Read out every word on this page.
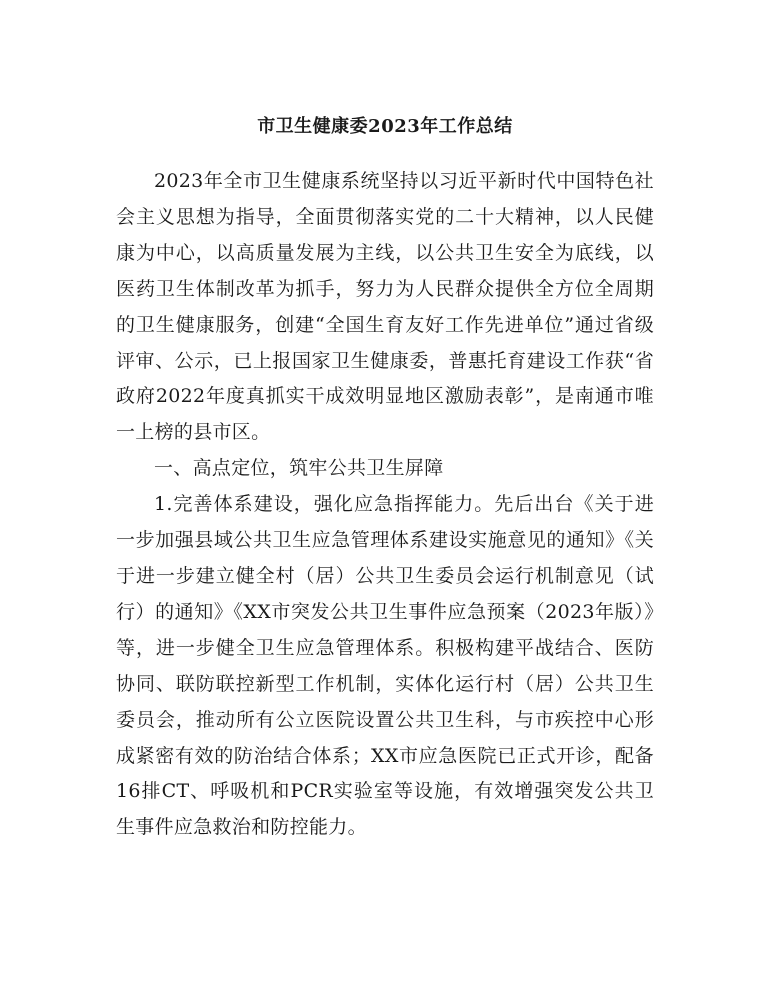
市卫生健康委2023年工作总结

2023年全市卫生健康系统坚持以习近平新时代中国特色社会主义思想为指导，全面贯彻落实党的二十大精神，以人民健康为中心，以高质量发展为主线，以公共卫生安全为底线，以医药卫生体制改革为抓手，努力为人民群众提供全方位全周期的卫生健康服务，创建“全国生育友好工作先进单位”通过省级评审、公示，已上报国家卫生健康委，普惠托育建设工作获“省政府2022年度真抓实干成效明显地区激励表彰”，是南通市唯一上榜的县市区。

一、高点定位，筑牢公共卫生屏障

1.完善体系建设，强化应急指挥能力。先后出台《关于进一步加强县域公共卫生应急管理体系建设实施意见的通知》《关于进一步建立健全村（居）公共卫生委员会运行机制意见（试行）的通知》《XX市突发公共卫生事件应急预案（2023年版）》等，进一步健全卫生应急管理体系。积极构建平战结合、医防协同、联防联控新型工作机制，实体化运行村（居）公共卫生委员会，推动所有公立医院设置公共卫生科，与市疾控中心形成紧密有效的防治结合体系；XX市应急医院已正式开诊，配备16排CT、呼吸机和PCR实验室等设施，有效增强突发公共卫生事件应急救治和防控能力。
